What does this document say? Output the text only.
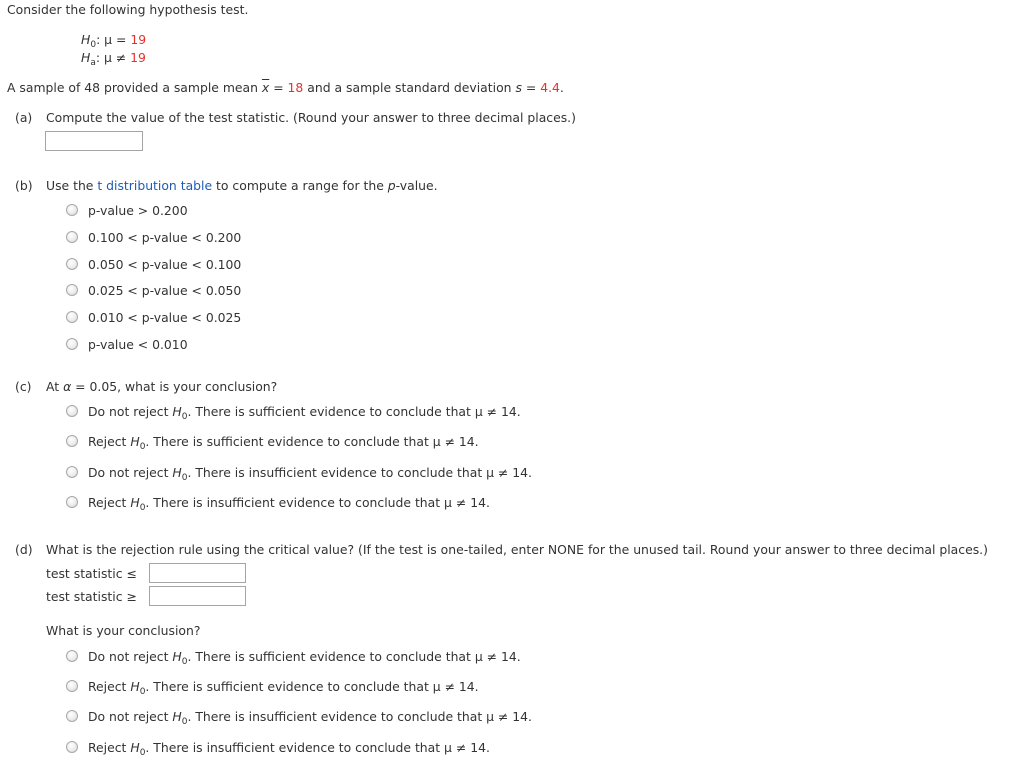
Consider the following hypothesis test.
$H_0$: μ = 19
$H_a$: μ ≠ 19
A sample of 48 provided a sample mean $\overline{x} = 18$ and a sample standard deviation s = 4.4.
(a) Compute the value of the test statistic. (Round your answer to three decimal places.)
(b) Use the t distribution table to compute a range for the p-value.
p-value > 0.200
0.100 < p-value < 0.200
0.050 < p-value < 0.100
0.025 < p-value < 0.050
0.010 < p-value < 0.025
p-value < 0.010
(c) At α = 0.05, what is your conclusion?
Do not reject $H_0$. There is sufficient evidence to conclude that μ ≠ 14.
Reject $H_0$. There is sufficient evidence to conclude that μ ≠ 14.
Do not reject $H_0$. There is insufficient evidence to conclude that μ ≠ 14.
Reject $H_0$. There is insufficient evidence to conclude that μ ≠ 14.
(d) What is the rejection rule using the critical value? (If the test is one-tailed, enter NONE for the unused tail. Round your answer to three decimal places.)
test statistic ≤
test statistic ≥
What is your conclusion?
Do not reject $H_0$. There is sufficient evidence to conclude that μ ≠ 14.
Reject $H_0$. There is sufficient evidence to conclude that μ ≠ 14.
Do not reject $H_0$. There is insufficient evidence to conclude that μ ≠ 14.
Reject $H_0$. There is insufficient evidence to conclude that μ ≠ 14.
